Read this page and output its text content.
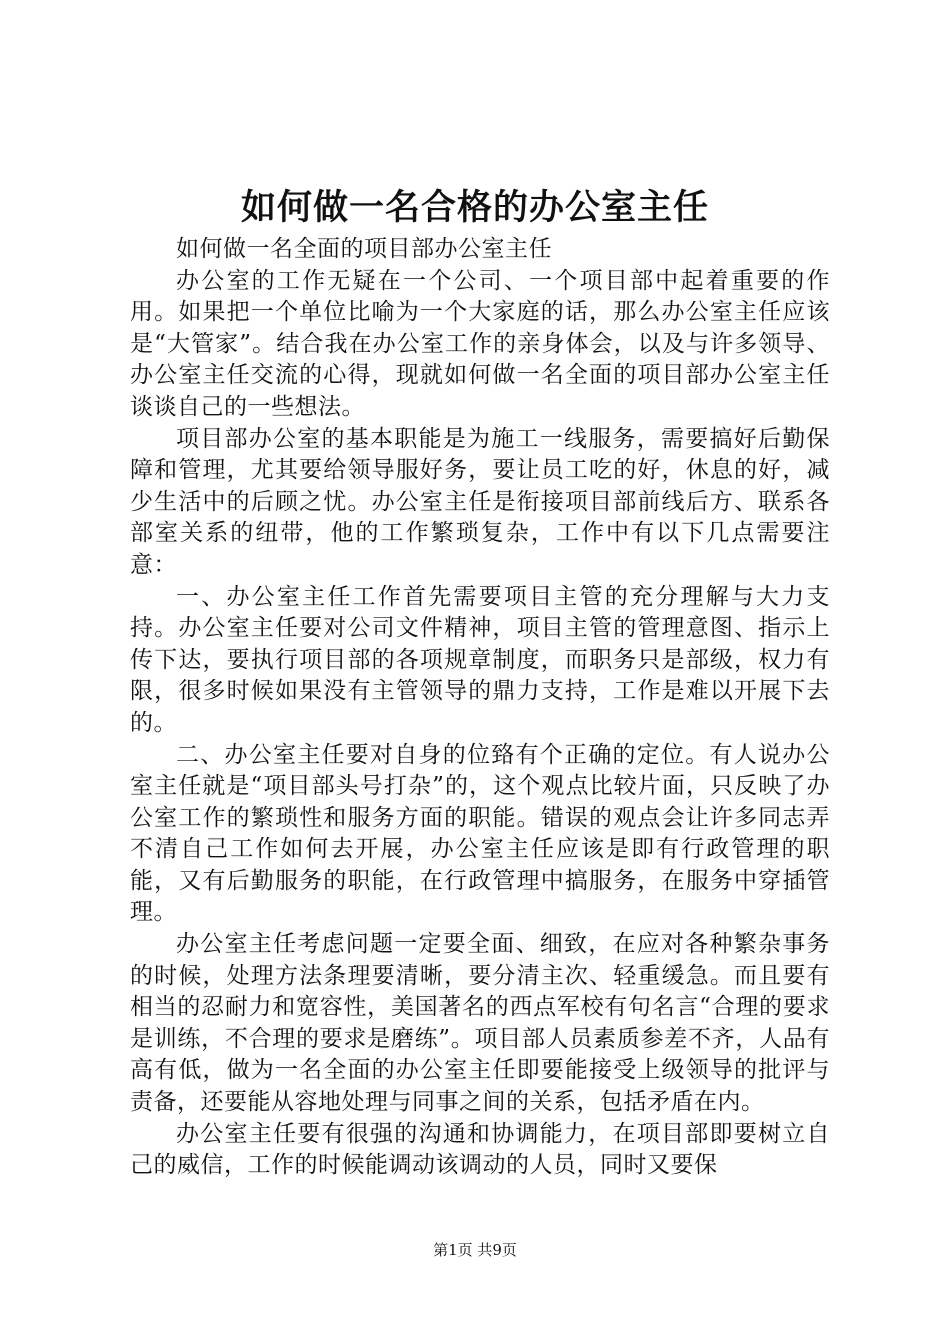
如何做一名合格的办公室主任

如何做一名全面的项目部办公室主任

办公室的工作无疑在一个公司、一个项目部中起着重要的作用。如果把一个单位比喻为一个大家庭的话，那么办公室主任应该是“大管家”。结合我在办公室工作的亲身体会，以及与许多领导、办公室主任交流的心得，现就如何做一名全面的项目部办公室主任谈谈自己的一些想法。

项目部办公室的基本职能是为施工一线服务，需要搞好后勤保障和管理，尤其要给领导服好务，要让员工吃的好，休息的好，减少生活中的后顾之忧。办公室主任是衔接项目部前线后方、联系各部室关系的纽带，他的工作繁琐复杂，工作中有以下几点需要注意：

一、办公室主任工作首先需要项目主管的充分理解与大力支持。办公室主任要对公司文件精神，项目主管的管理意图、指示上传下达，要执行项目部的各项规章制度，而职务只是部级，权力有限，很多时候如果没有主管领导的鼎力支持，工作是难以开展下去的。

二、办公室主任要对自身的位臵有个正确的定位。有人说办公室主任就是“项目部头号打杂”的，这个观点比较片面，只反映了办公室工作的繁琐性和服务方面的职能。错误的观点会让许多同志弄不清自己工作如何去开展，办公室主任应该是即有行政管理的职能，又有后勤服务的职能，在行政管理中搞服务，在服务中穿插管理。

办公室主任考虑问题一定要全面、细致，在应对各种繁杂事务的时候，处理方法条理要清晰，要分清主次、轻重缓急。而且要有相当的忍耐力和宽容性，美国著名的西点军校有句名言“合理的要求是训练，不合理的要求是磨练”。项目部人员素质参差不齐，人品有高有低，做为一名全面的办公室主任即要能接受上级领导的批评与责备，还要能从容地处理与同事之间的关系，包括矛盾在内。

办公室主任要有很强的沟通和协调能力，在项目部即要树立自己的威信，工作的时候能调动该调动的人员，同时又要保

第1页 共9页
